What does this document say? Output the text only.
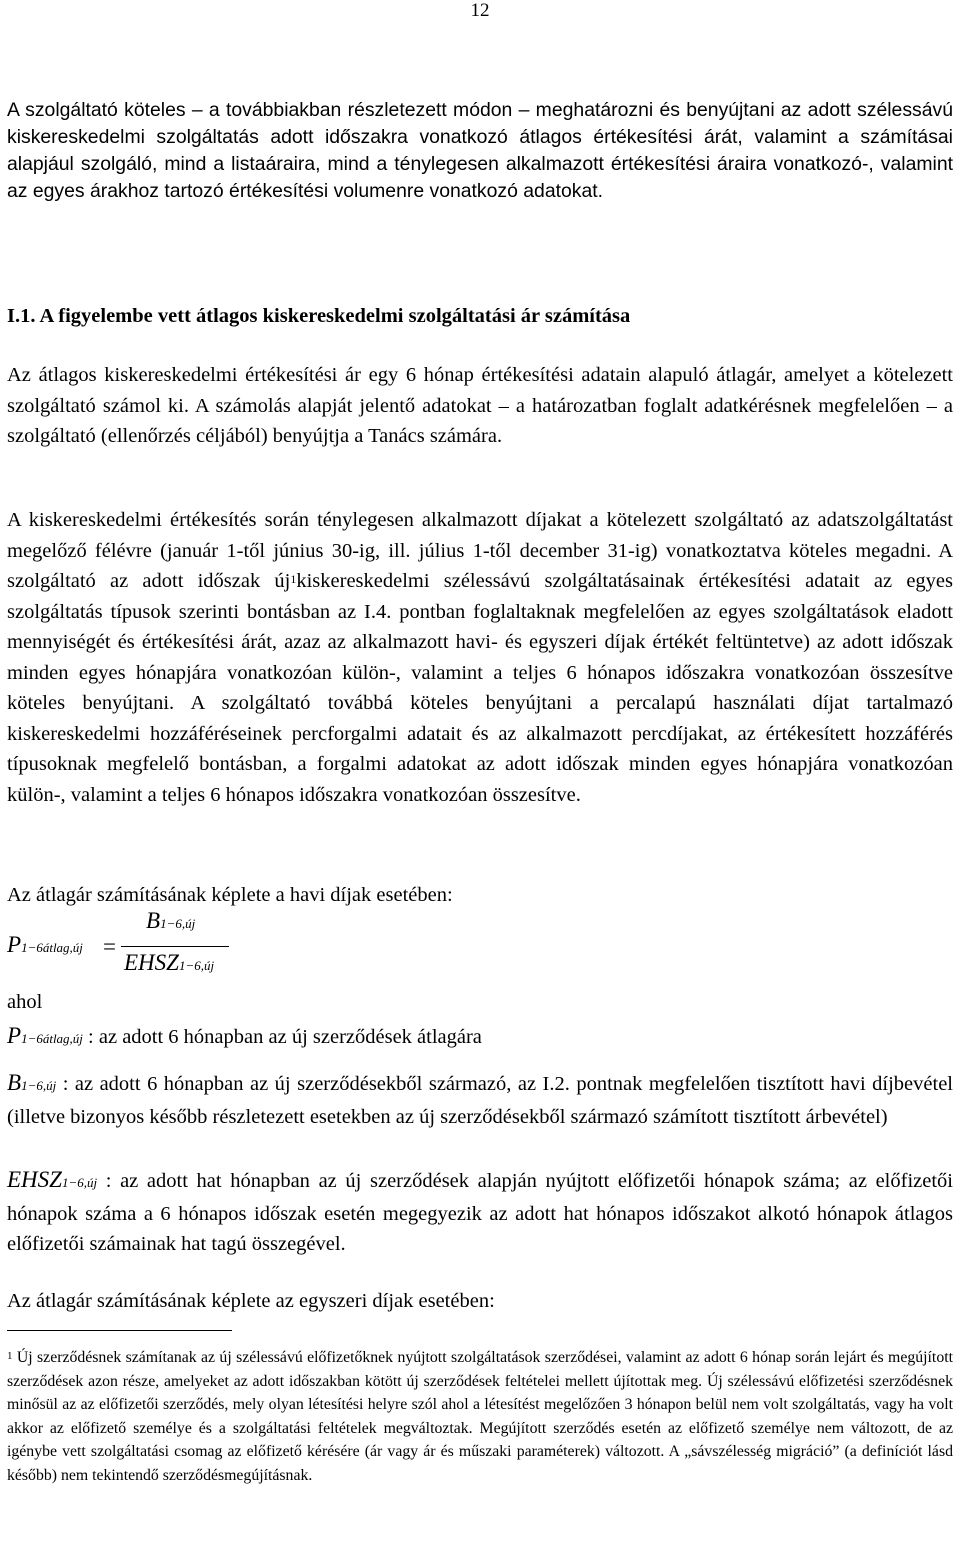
12
A szolgáltató köteles – a továbbiakban részletezett módon – meghatározni és benyújtani az adott szélessávú kiskereskedelmi szolgáltatás adott időszakra vonatkozó átlagos értékesítési árát, valamint a számításai alapjául szolgáló, mind a listaáraira, mind a ténylegesen alkalmazott értékesítési áraira vonatkozó-, valamint az egyes árakhoz tartozó értékesítési volumenre vonatkozó adatokat.
I.1. A figyelembe vett átlagos kiskereskedelmi szolgáltatási ár számítása
Az átlagos kiskereskedelmi értékesítési ár egy 6 hónap értékesítési adatain alapuló átlagár, amelyet a kötelezett szolgáltató számol ki. A számolás alapját jelentő adatokat – a határozatban foglalt adatkérésnek megfelelően – a szolgáltató (ellenőrzés céljából) benyújtja a Tanács számára.
A kiskereskedelmi értékesítés során ténylegesen alkalmazott díjakat a kötelezett szolgáltató az adatszolgáltatást megelőző félévre (január 1-től június 30-ig, ill. július 1-től december 31-ig) vonatkoztatva köteles megadni. A szolgáltató az adott időszak $új^1kiskereskedelmi$ szélessávú szolgáltatásainak értékesítési adatait az egyes szolgáltatás típusok szerinti bontásban az I.4. pontban foglaltaknak megfelelően az egyes szolgáltatások eladott mennyiségét és értékesítési árát, azaz az alkalmazott havi- és egyszeri díjak értékét feltüntetve) az adott időszak minden egyes hónapjára vonatkozóan külön-, valamint a teljes 6 hónapos időszakra vonatkozóan összesítve köteles benyújtani. A szolgáltató továbbá köteles benyújtani a percalapú használati díjat tartalmazó kiskereskedelmi hozzáféréseinek percforgalmi adatait és az alkalmazott percdíjakat, az értékesített hozzáférés típusoknak megfelelő bontásban, a forgalmi adatokat az adott időszak minden egyes hónapjára vonatkozóan külön-, valamint a teljes 6 hónapos időszakra vonatkozóan összesítve.
Az átlagár számításának képlete a havi díjak esetében:
P1−6átlag,új =
B1−6,új
EHSZ1−6,új
ahol
P1−6átlag,új : az adott 6 hónapban az új szerződések átlagára
B1−6,új : az adott 6 hónapban az új szerződésekből származó, az I.2. pontnak megfelelően tisztított havi díjbevétel (illetve bizonyos később részletezett esetekben az új szerződésekből származó számított tisztított árbevétel)
EHSZ1−6,új : az adott hat hónapban az új szerződések alapján nyújtott előfizetői hónapok száma; az előfizetői hónapok száma a 6 hónapos időszak esetén megegyezik az adott hat hónapos időszakot alkotó hónapok átlagos előfizetői számainak hat tagú összegével.
Az átlagár számításának képlete az egyszeri díjak esetében:
$^1$ Új szerződésnek számítanak az új szélessávú előfizetőknek nyújtott szolgáltatások szerződései, valamint az adott 6 hónap során lejárt és megújított szerződések azon része, amelyeket az adott időszakban kötött új szerződések feltételei mellett újítottak meg. Új szélessávú előfizetési szerződésnek minősül az az előfizetői szerződés, mely olyan létesítési helyre szól ahol a létesítést megelőzően 3 hónapon belül nem volt szolgáltatás, vagy ha volt akkor az előfizető személye és a szolgáltatási feltételek megváltoztak. Megújított szerződés esetén az előfizető személye nem változott, de az igénybe vett szolgáltatási csomag az előfizető kérésére (ár vagy ár és műszaki paraméterek) változott. A „sávszélesség migráció” (a definíciót lásd később) nem tekintendő szerződésmegújításnak.
